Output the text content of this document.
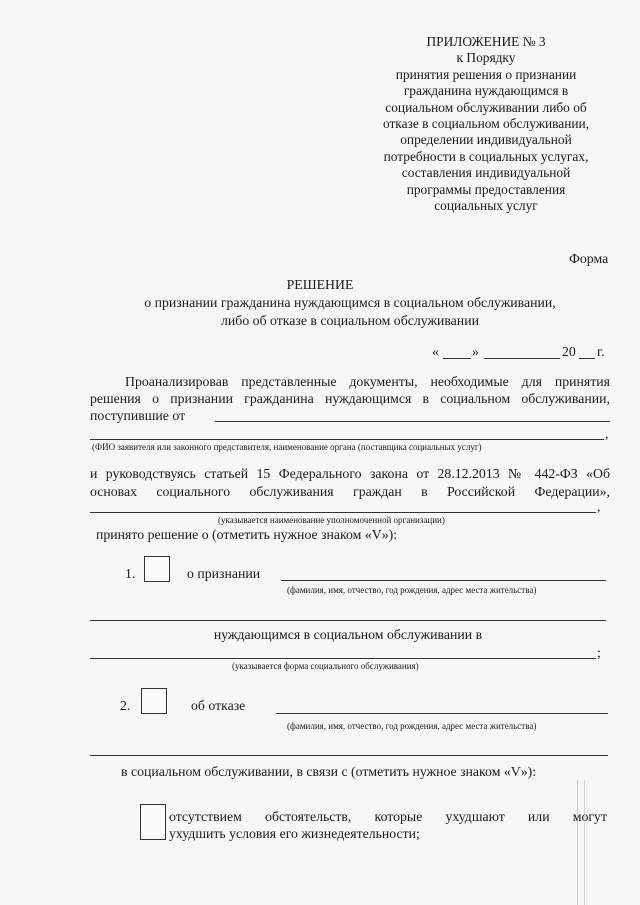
ПРИЛОЖЕНИЕ № 3
к Порядку
принятия решения о признании
гражданина нуждающимся в
социальном обслуживании либо об
отказе в социальном обслуживании,
определении индивидуальной
потребности в социальных услугах,
составления индивидуальной
программы предоставления
социальных услуг
Форма
РЕШЕНИЕ
о признании гражданина нуждающимся в социальном обслуживании,
либо об отказе в социальном обслуживании
« »	20 г.
Проанализировав представленные документы, необходимые для принятия
решения о признании гражданина нуждающимся в социальном обслуживании,
поступившие от
,
(ФИО заявителя или законного представителя, наименование органа (поставщика социальных услуг)
и руководствуясь статьей 15 Федерального закона от 28.12.2013 № 442-ФЗ «Об
основах социального обслуживания граждан в Российской Федерации»,
,
(указывается наименование уполномоченной организации)
принято решение о (отметить нужное знаком «V»):
1.	о признании
(фамилия, имя, отчество, год рождения, адрес места жительства)
нуждающимся в социальном обслуживании в
;
(указывается форма социального обслуживания)
2.	об отказе
(фамилия, имя, отчество, год рождения, адрес места жительства)
в социальном обслуживании, в связи с (отметить нужное знаком «V»):
отсутствием обстоятельств, которые ухудшают или могут
ухудшить условия его жизнедеятельности;
